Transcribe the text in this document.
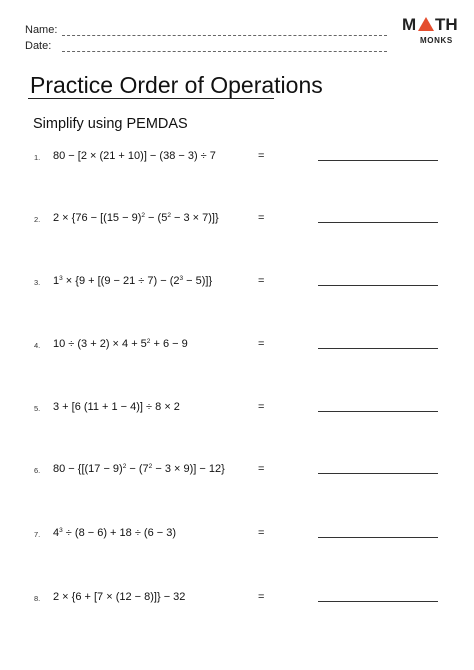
Name:
Date:
M TH
MONKS
Practice Order of Operations
Simplify using PEMDAS
1. 80 − [2 × (21 + 10)] − (38 − 3) ÷ 7	=
2. $2 \times \{76 - [(15 - 9)^2 - (5^2 - 3 \times 7)]\}$	=
3. $1^3 \times \{9 + [(9 - 21 \div 7) - (2^3 - 5)]\}$	=
4. $10 \div (3 + 2) \times 4 + 5^2 + 6 - 9$	=
5. 3 + [6 (11 + 1 − 4)] ÷ 8 × 2	=
6. $80 - \{[(17 - 9)^2 - (7^2 - 3 \times 9)] - 12\}$	=
7. $4^3 \div (8 - 6) + 18 \div (6 - 3)$	=
8. 2 × {6 + [7 × (12 − 8)]} − 32	=
